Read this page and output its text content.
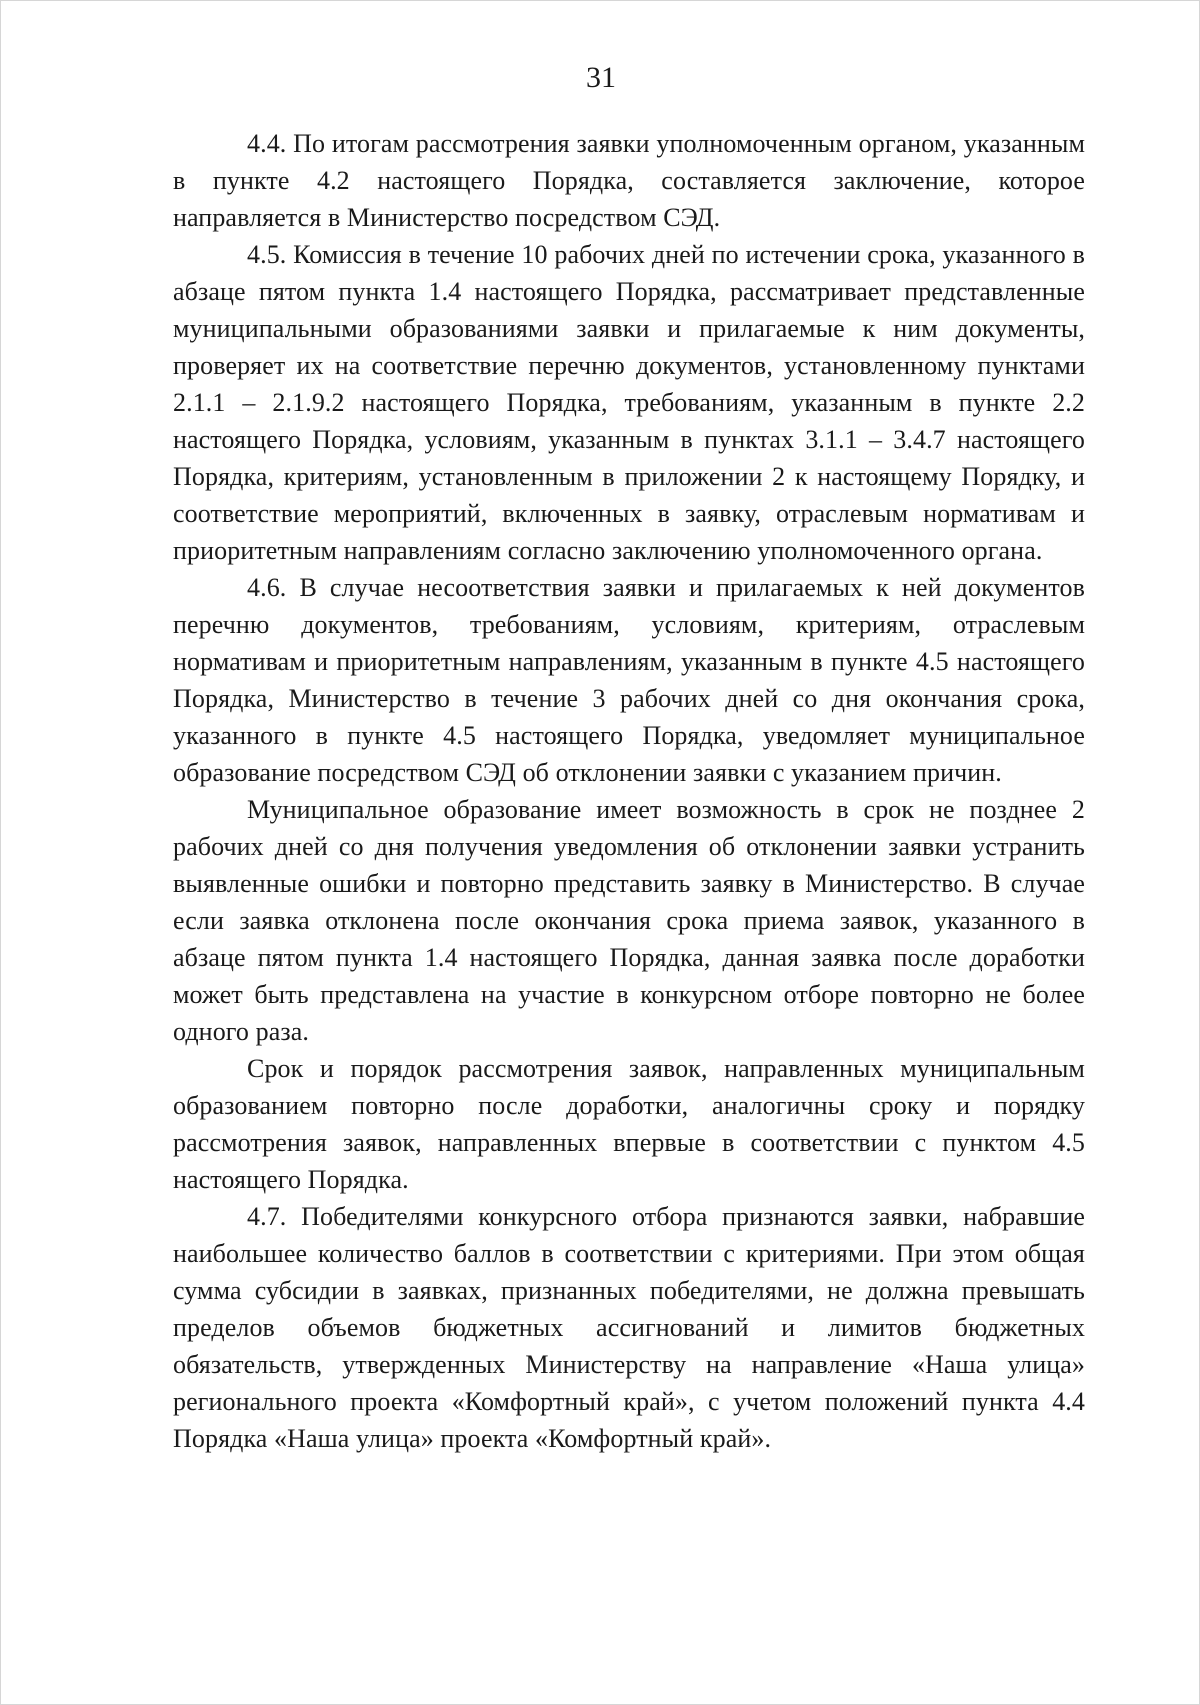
31

4.4. По итогам рассмотрения заявки уполномоченным органом, указанным в пункте 4.2 настоящего Порядка, составляется заключение, которое направляется в Министерство посредством СЭД.

4.5. Комиссия в течение 10 рабочих дней по истечении срока, указанного в абзаце пятом пункта 1.4 настоящего Порядка, рассматривает представленные муниципальными образованиями заявки и прилагаемые к ним документы, проверяет их на соответствие перечню документов, установленному пунктами 2.1.1 – 2.1.9.2 настоящего Порядка, требованиям, указанным в пункте 2.2 настоящего Порядка, условиям, указанным в пунктах 3.1.1 – 3.4.7 настоящего Порядка, критериям, установленным в приложении 2 к настоящему Порядку, и соответствие мероприятий, включенных в заявку, отраслевым нормативам и приоритетным направлениям согласно заключению уполномоченного органа.

4.6. В случае несоответствия заявки и прилагаемых к ней документов перечню документов, требованиям, условиям, критериям, отраслевым нормативам и приоритетным направлениям, указанным в пункте 4.5 настоящего Порядка, Министерство в течение 3 рабочих дней со дня окончания срока, указанного в пункте 4.5 настоящего Порядка, уведомляет муниципальное образование посредством СЭД об отклонении заявки с указанием причин.

Муниципальное образование имеет возможность в срок не позднее 2 рабочих дней со дня получения уведомления об отклонении заявки устранить выявленные ошибки и повторно представить заявку в Министерство. В случае если заявка отклонена после окончания срока приема заявок, указанного в абзаце пятом пункта 1.4 настоящего Порядка, данная заявка после доработки может быть представлена на участие в конкурсном отборе повторно не более одного раза.

Срок и порядок рассмотрения заявок, направленных муниципальным образованием повторно после доработки, аналогичны сроку и порядку рассмотрения заявок, направленных впервые в соответствии с пунктом 4.5 настоящего Порядка.

4.7. Победителями конкурсного отбора признаются заявки, набравшие наибольшее количество баллов в соответствии с критериями. При этом общая сумма субсидии в заявках, признанных победителями, не должна превышать пределов объемов бюджетных ассигнований и лимитов бюджетных обязательств, утвержденных Министерству на направление «Наша улица» регионального проекта «Комфортный край», с учетом положений пункта 4.4 Порядка «Наша улица» проекта «Комфортный край».
